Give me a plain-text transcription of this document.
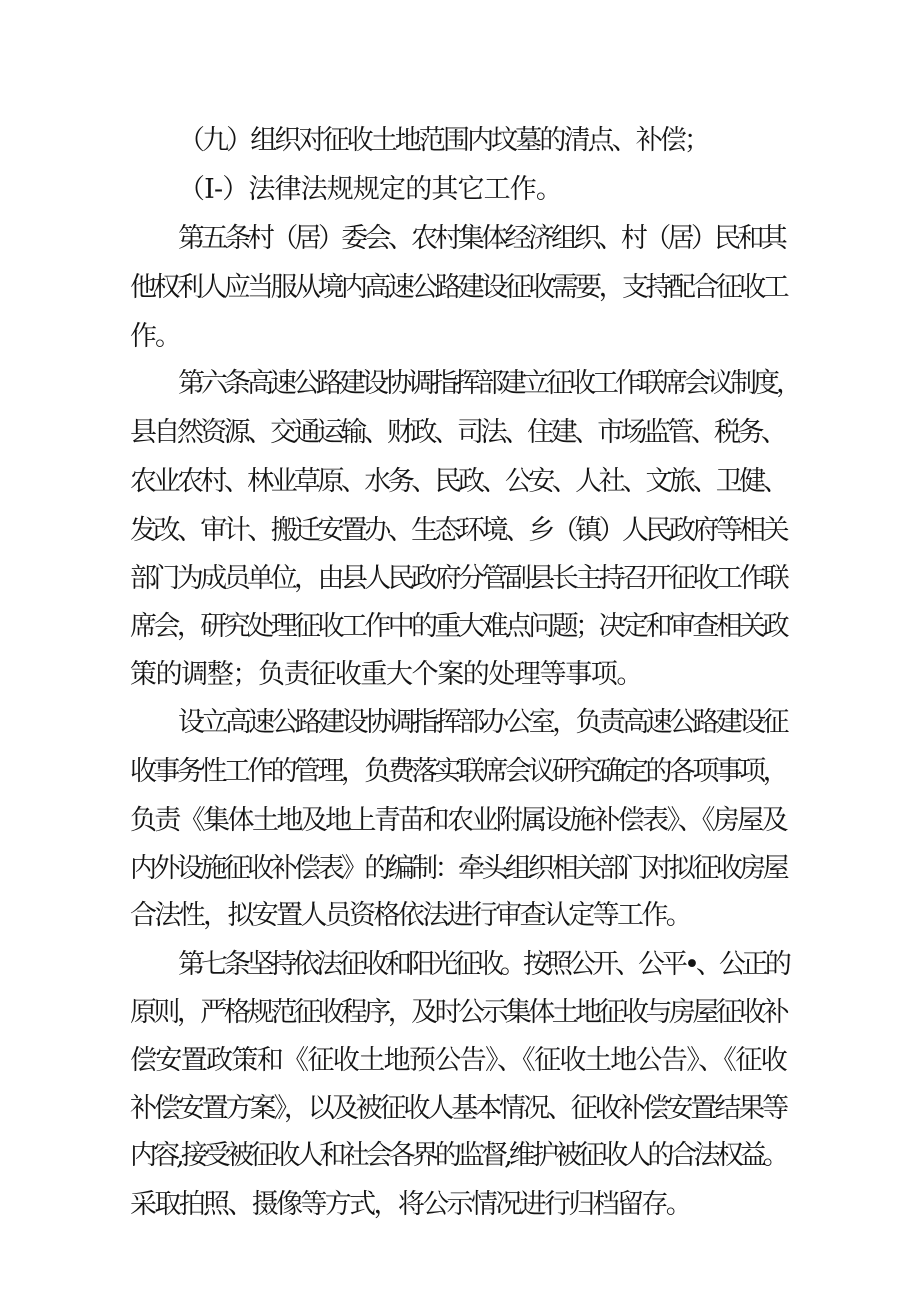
（九）组织对征收土地范围内坟墓的清点、补偿；

（I-）法律法规规定的其它工作。

第五条村（居）委会、农村集体经济组织、村（居）民和其

他权利人应当服从境内高速公路建设征收需要，支持配合征收工

作。

第六条高速公路建设协调指挥部建立征收工作联席会议制度，

县自然资源、交通运输、财政、司法、住建、市场监管、税务、

农业农村、林业草原、水务、民政、公安、人社、文旅、卫健、

发改、审计、搬迁安置办、生态环境、乡（镇）人民政府等相关

部门为成员单位，由县人民政府分管副县长主持召开征收工作联

席会，研究处理征收工作中的重大难点问题；决定和审查相关政

策的调整；负责征收重大个案的处理等事项。

设立高速公路建设协调指挥部办公室，负责高速公路建设征

收事务性工作的管理，负费落实联席会议研究确定的各项事项，

负责《集体土地及地上青苗和农业附属设施补偿表》、《房屋及

内外设施征收补偿表》的编制：牵头组织相关部门对拟征收房屋

合法性，拟安置人员资格依法进行审查认定等工作。

第七条坚持依法征收和阳光征收。按照公开、公平•、公正的

原则，严格规范征收程序，及时公示集体土地征收与房屋征收补

偿安置政策和《征收土地预公告》、《征收土地公告》、《征收

补偿安置方案》，以及被征收人基本情况、征收补偿安置结果等

内容,接受被征收人和社会各界的监督,维护被征收人的合法权益。

采取拍照、摄像等方式，将公示情况进行归档留存。
